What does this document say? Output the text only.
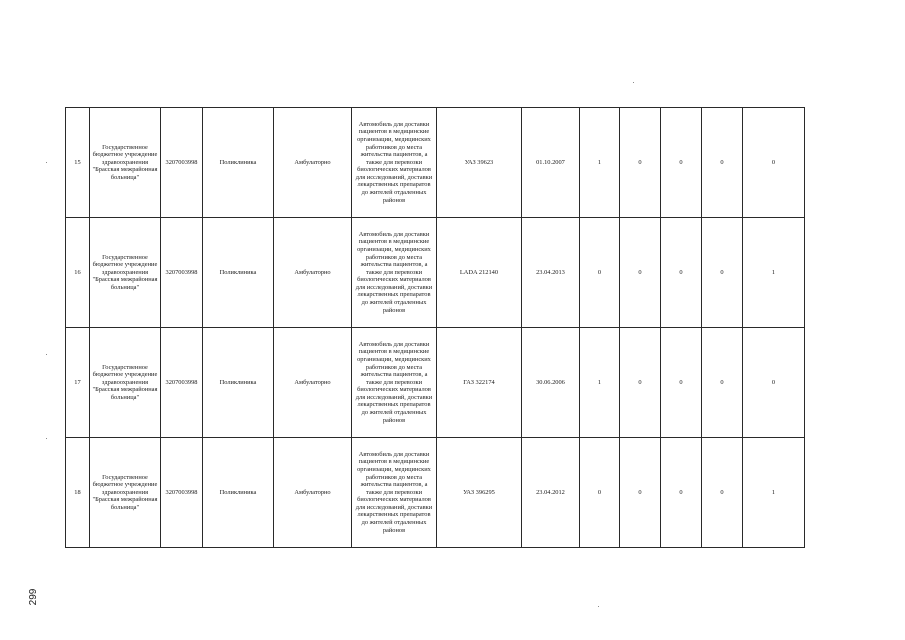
15	Государственное бюджетное учреждение здравоохранения "Брасская межрайонная больница"	3207003998	Поликлиника	Амбулаторно	Автомобиль для доставки пациентов в медицинские организации, медицинских работников до места жительства пациентов, а также для перевозки биологических материалов для исследований, доставки лекарственных препаратов до жителей отдаленных районов	УАЗ 39623	01.10.2007	1	0	0	0	0
16	Государственное бюджетное учреждение здравоохранения "Брасская межрайонная больница"	3207003998	Поликлиника	Амбулаторно	Автомобиль для доставки пациентов в медицинские организации, медицинских работников до места жительства пациентов, а также для перевозки биологических материалов для исследований, доставки лекарственных препаратов до жителей отдаленных районов	LADA 212140	23.04.2013	0	0	0	0	1
17	Государственное бюджетное учреждение здравоохранения "Брасская межрайонная больница"	3207003998	Поликлиника	Амбулаторно	Автомобиль для доставки пациентов в медицинские организации, медицинских работников до места жительства пациентов, а также для перевозки биологических материалов для исследований, доставки лекарственных препаратов до жителей отдаленных районов	ГАЗ 322174	30.06.2006	1	0	0	0	0
18	Государственное бюджетное учреждение здравоохранения "Брасская межрайонная больница"	3207003998	Поликлиника	Амбулаторно	Автомобиль для доставки пациентов в медицинские организации, медицинских работников до места жительства пациентов, а также для перевозки биологических материалов для исследований, доставки лекарственных препаратов до жителей отдаленных районов	УАЗ 396295	23.04.2012	0	0	0	0	1
299
